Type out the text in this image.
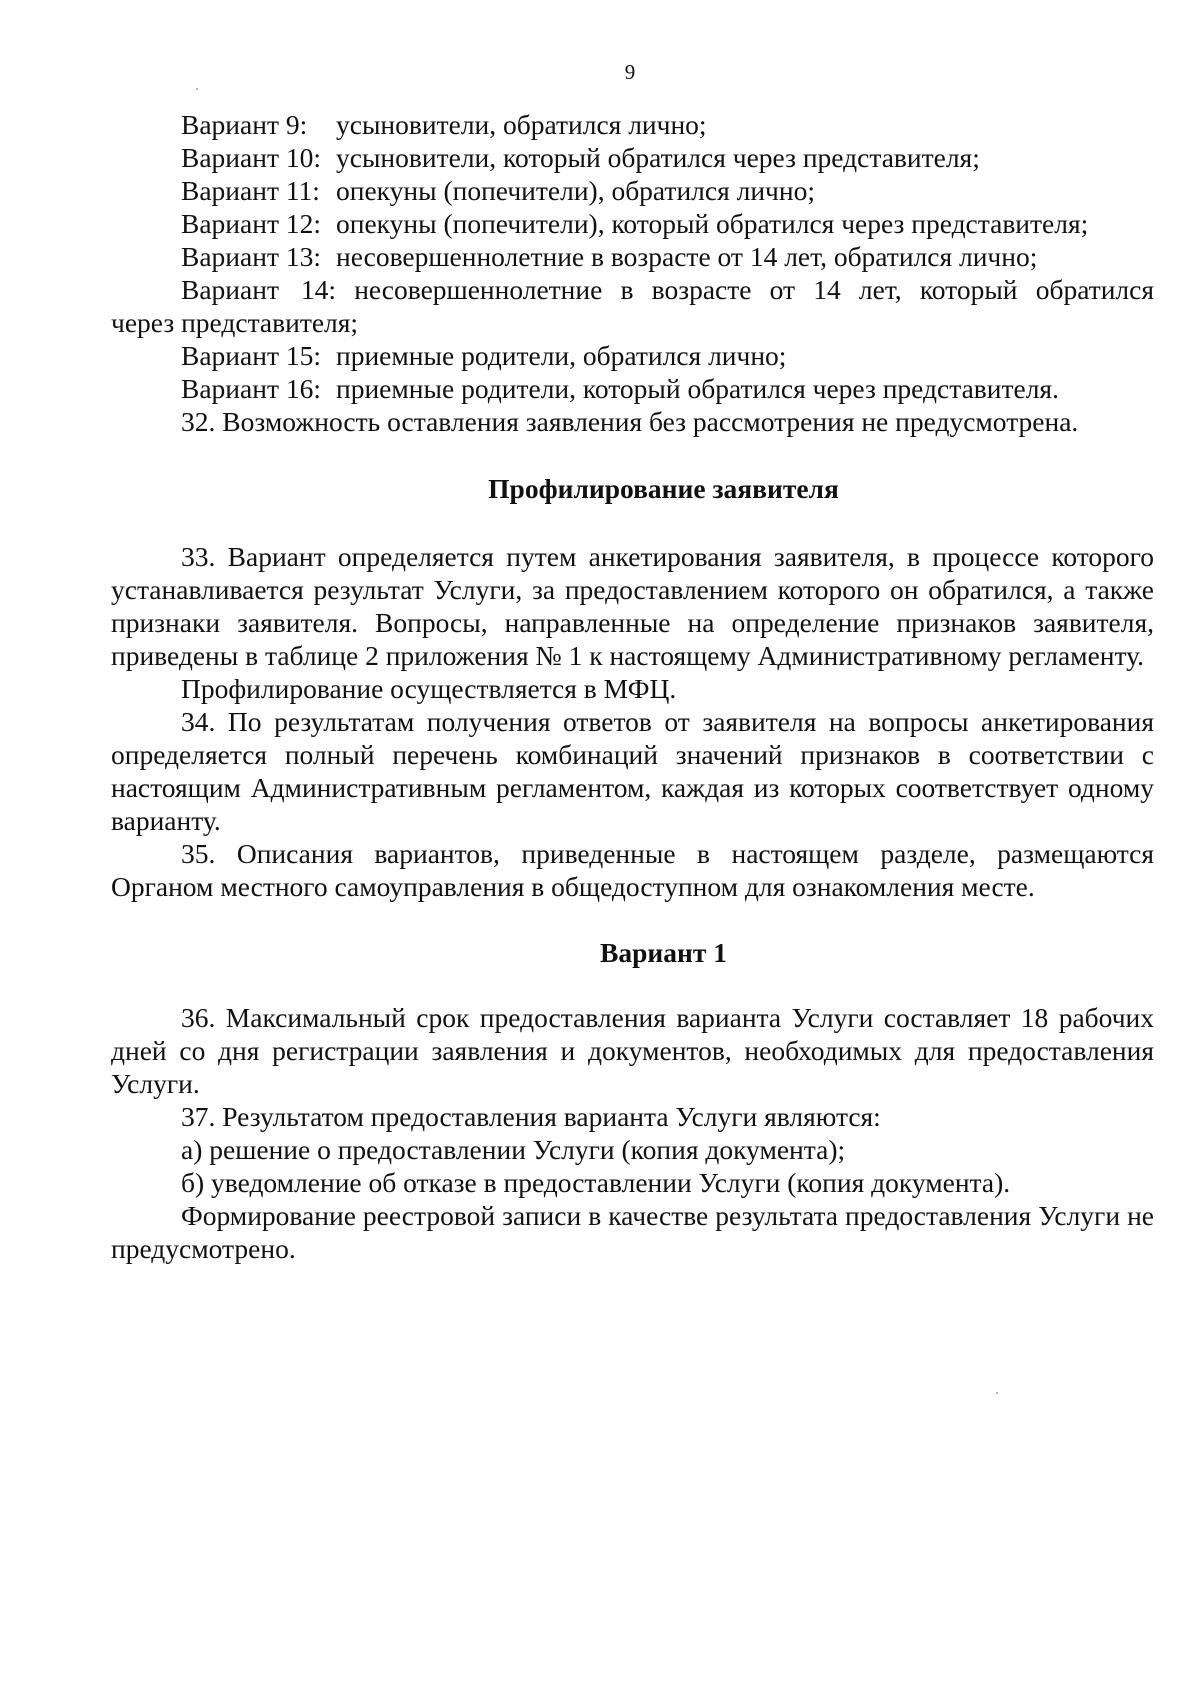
9
Вариант 9:	усыновители, обратился лично;
Вариант 10: усыновители, который обратился через представителя;
Вариант 11: опекуны (попечители), обратился лично;
Вариант 12: опекуны (попечители), который обратился через представителя;
Вариант 13: несовершеннолетние в возрасте от 14 лет, обратился лично;
Вариант 14: несовершеннолетние в возрасте от 14 лет, который обратился

через представителя;

Вариант 15: приемные родители, обратился лично;
Вариант 16: приемные родители, который обратился через представителя.

32. Возможность оставления заявления без рассмотрения не предусмотрена.

Профилирование заявителя

33. Вариант определяется путем анкетирования заявителя, в процессе которого устанавливается результат Услуги, за предоставлением которого он обратился, а также признаки заявителя. Вопросы, направленные на определение признаков заявителя, приведены в таблице 2 приложения № 1 к настоящему Административному регламенту.

Профилирование осуществляется в МФЦ.

34. По результатам получения ответов от заявителя на вопросы анкетирования определяется полный перечень комбинаций значений признаков в соответствии с настоящим Административным регламентом, каждая из которых соответствует одному варианту.

35. Описания вариантов, приведенные в настоящем разделе, размещаются Органом местного самоуправления в общедоступном для ознакомления месте.

Вариант 1

36. Максимальный срок предоставления варианта Услуги составляет 18 рабочих дней со дня регистрации заявления и документов, необходимых для предоставления Услуги.

37. Результатом предоставления варианта Услуги являются:

а) решение о предоставлении Услуги (копия документа);

б) уведомление об отказе в предоставлении Услуги (копия документа).

Формирование реестровой записи в качестве результата предоставления Услуги не предусмотрено.
